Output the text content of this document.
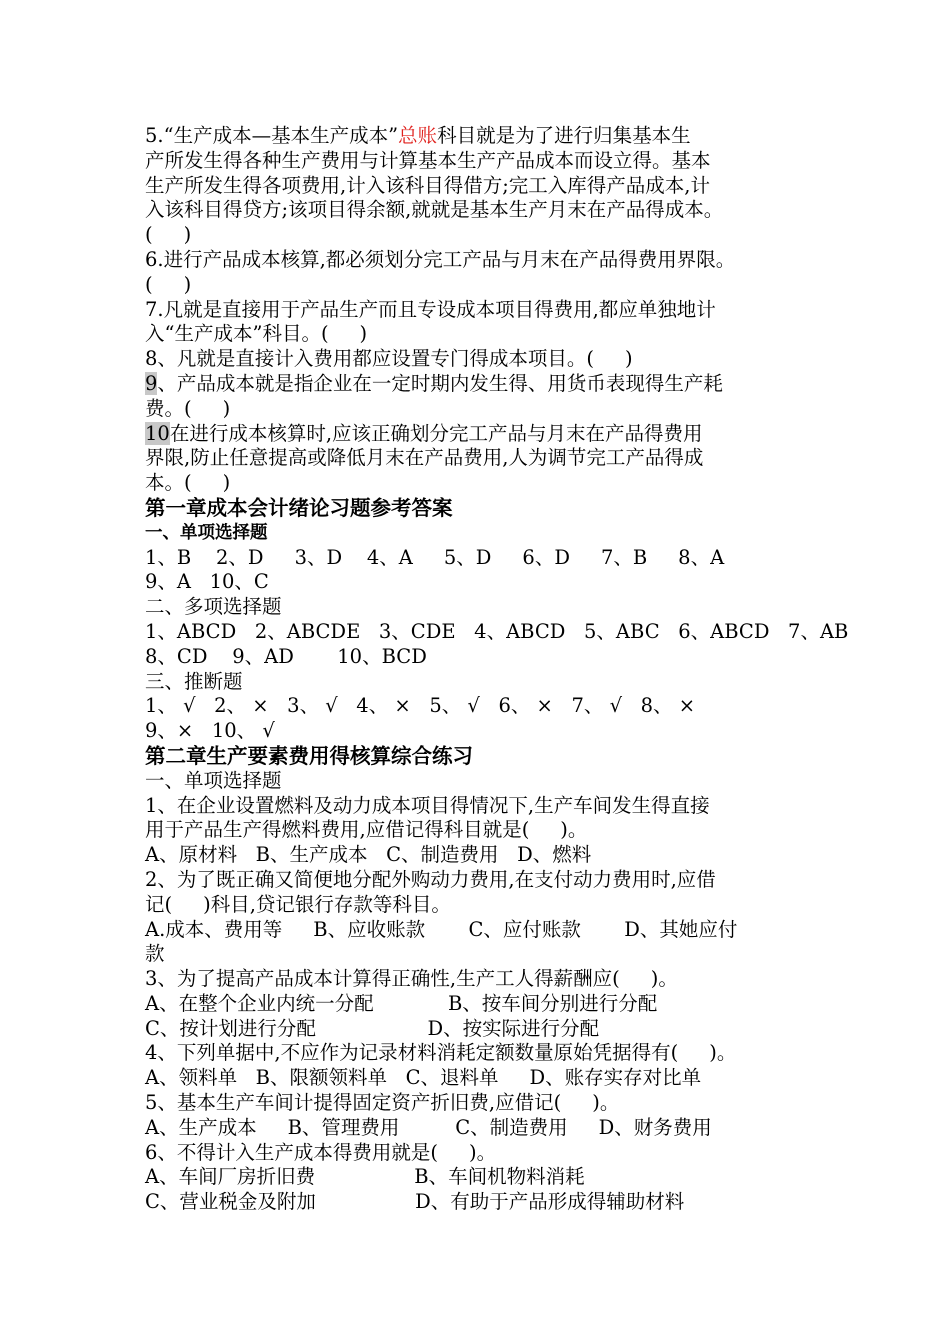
5.“生产成本—基本生产成本”总账科目就是为了进行归集基本生
产所发生得各种生产费用与计算基本生产产品成本而设立得。基本
生产所发生得各项费用,计入该科目得借方;完工入库得产品成本,计
入该科目得贷方;该项目得余额,就就是基本生产月末在产品得成本。
(     )
6.进行产品成本核算,都必须划分完工产品与月末在产品得费用界限。
(     )
7.凡就是直接用于产品生产而且专设成本项目得费用,都应单独地计
入“生产成本”科目。(     )
8、凡就是直接计入费用都应设置专门得成本项目。(     )
9、产品成本就是指企业在一定时期内发生得、用货币表现得生产耗
费。(     )
10在进行成本核算时,应该正确划分完工产品与月末在产品得费用
界限,防止任意提高或降低月末在产品费用,人为调节完工产品得成
本。(     )
第一章成本会计绪论习题参考答案
一、单项选择题
1、B    2、D     3、D    4、A     5、D     6、D     7、B     8、A
9、A   10、C
二、多项选择题
1、ABCD   2、ABCDE   3、CDE   4、ABCD   5、ABC   6、ABCD   7、AB
8、CD    9、AD       10、BCD
三、推断题
1、 √   2、 ×   3、 √   4、 ×   5、 √   6、 ×   7、 √   8、 ×
9、×   10、 √
第二章生产要素费用得核算综合练习
一、单项选择题
1、在企业设置燃料及动力成本项目得情况下,生产车间发生得直接
用于产品生产得燃料费用,应借记得科目就是(     )。
A、原材料   B、生产成本   C、制造费用   D、燃料
2、为了既正确又简便地分配外购动力费用,在支付动力费用时,应借
记(     )科目,贷记银行存款等科目。
A.成本、费用等     B、应收账款       C、应付账款       D、其她应付
款
3、为了提高产品成本计算得正确性,生产工人得薪酬应(     )。
A、在整个企业内统一分配            B、按车间分别进行分配
C、按计划进行分配                  D、按实际进行分配
4、下列单据中,不应作为记录材料消耗定额数量原始凭据得有(     )。
A、领料单   B、限额领料单   C、退料单     D、账存实存对比单
5、基本生产车间计提得固定资产折旧费,应借记(     )。
A、生产成本     B、管理费用         C、制造费用     D、财务费用
6、不得计入生产成本得费用就是(     )。
A、车间厂房折旧费                B、车间机物料消耗
C、营业税金及附加                D、有助于产品形成得辅助材料
